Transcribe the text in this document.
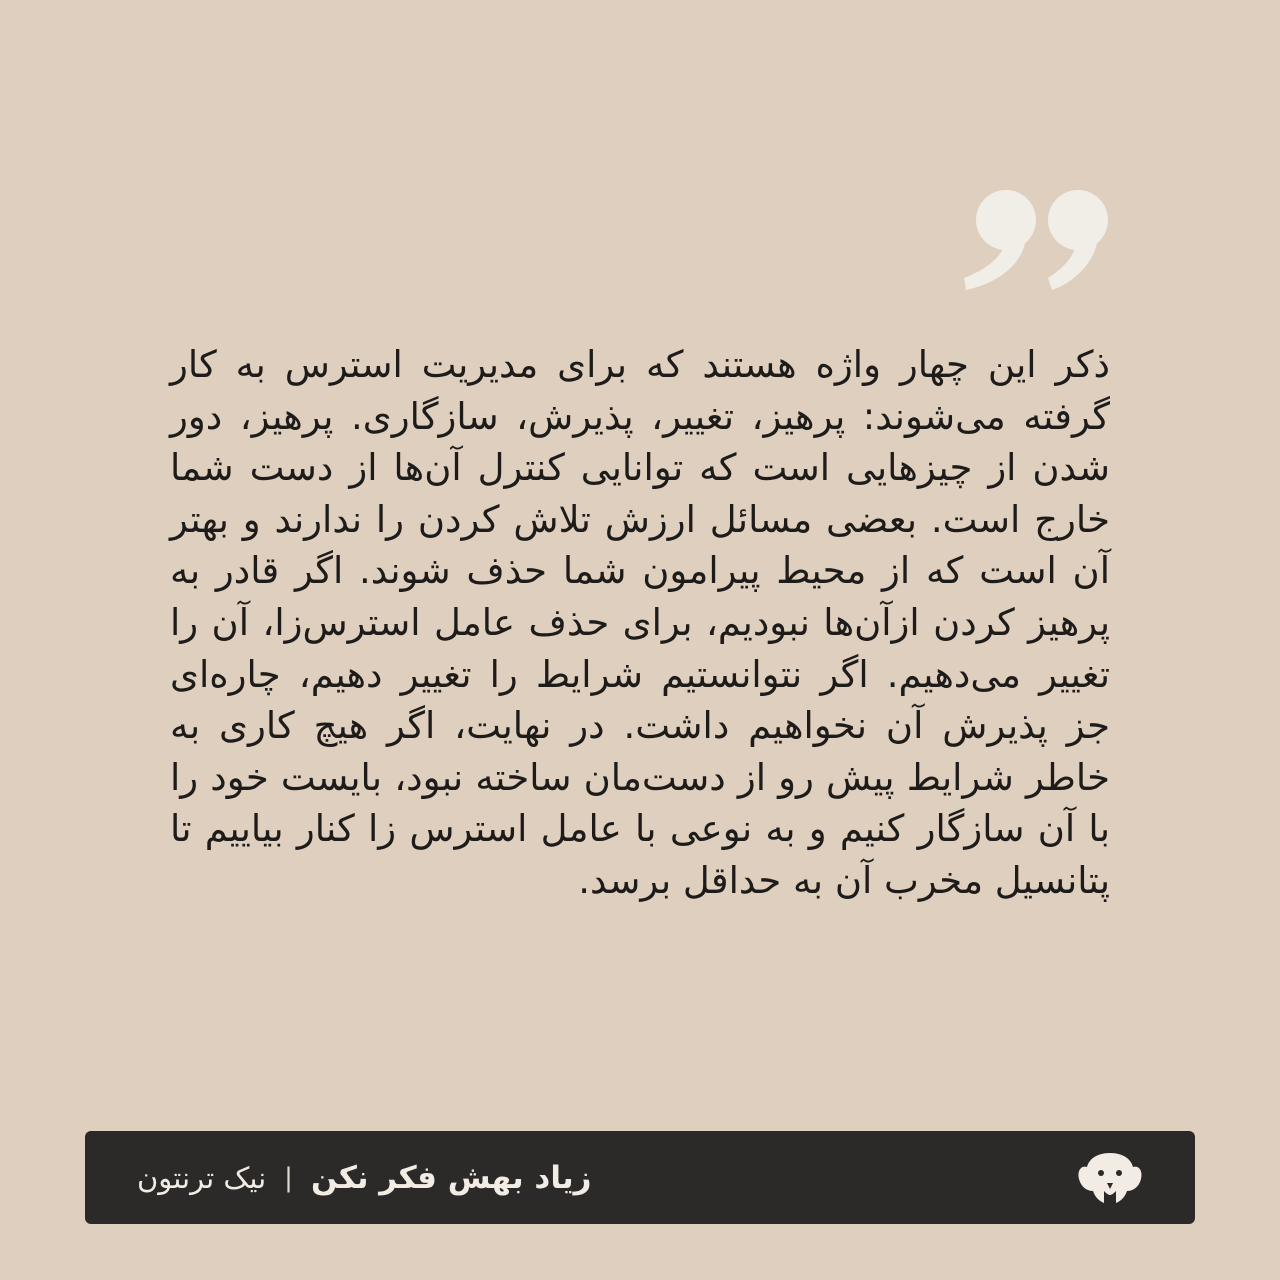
ذکر این چهار واژه هستند که برای مدیریت استرس به کار گرفته می‌شوند: پرهیز، تغییر، پذیرش، سازگاری. پرهیز، دور شدن از چیزهایی است که توانایی کنترل آن‌ها از دست شما خارج است. بعضی مسائل ارزش تلاش کردن را ندارند و بهتر آن است که از محیط پیرامون شما حذف شوند. اگر قادر به پرهیز کردن ازآن‌ها نبودیم، برای حذف عامل استرس‌زا، آن را تغییر می‌دهیم. اگر نتوانستیم شرایط را تغییر دهیم، چاره‌ای جز پذیرش آن نخواهیم داشت. در نهایت، اگر هیچ کاری به خاطر شرایط پیش رو از دست‌مان ساخته نبود، بایست خود را با آن سازگار کنیم و به نوعی با عامل استرس زا کنار بیاییم تا پتانسیل مخرب آن به حداقل برسد.

زیاد بهش فکر نکن
|
نیک ترنتون
